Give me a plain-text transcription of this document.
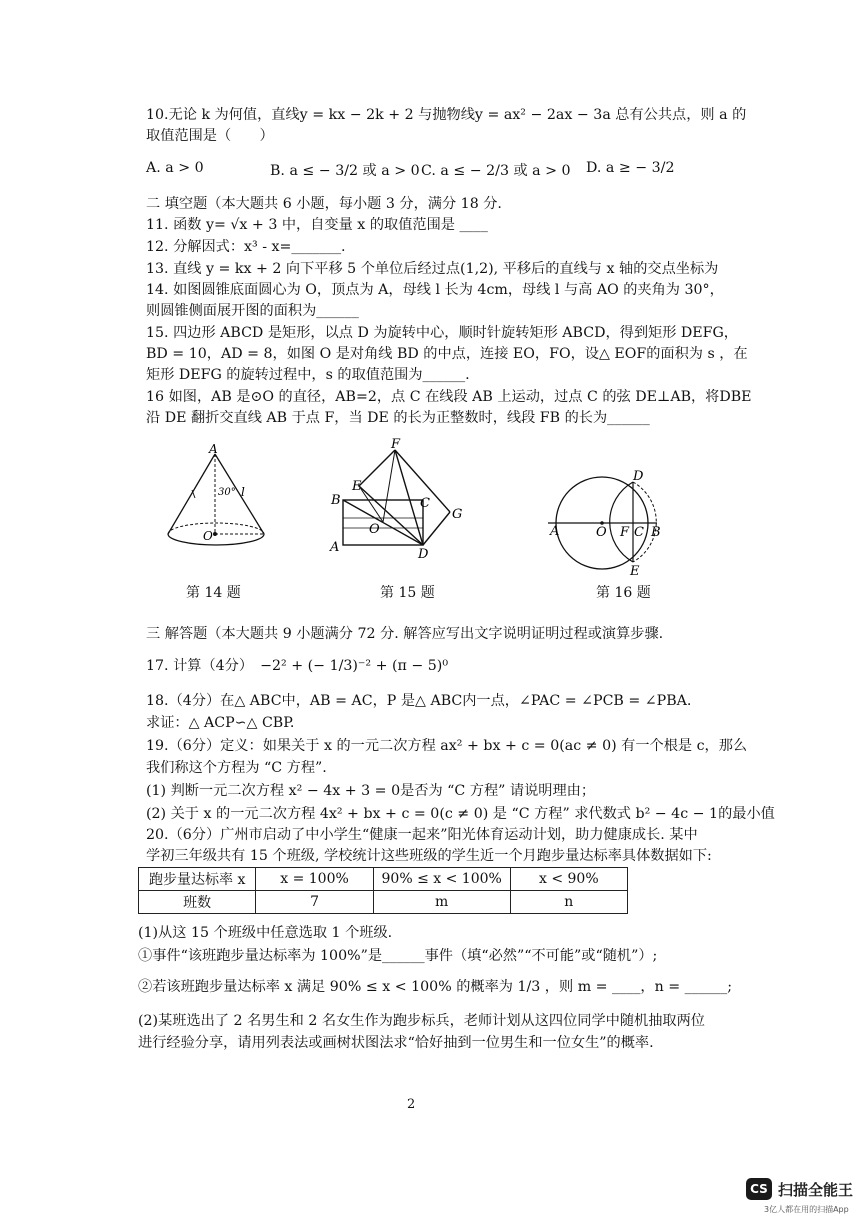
10.无论 k 为何值，直线y = kx − 2k + 2 与抛物线y = ax² − 2ax − 3a 总有公共点，则 a 的
取值范围是（　　）
A. a > 0	B. a ≤ − 3/2 或 a > 0 C. a ≤ − 2/3 或 a > 0 D. a ≥ − 3/2
二 填空题（本大题共 6 小题，每小题 3 分，满分 18 分.
11. 函数 y= √x + 3 中，自变量 x 的取值范围是 ____
12. 分解因式：x³ - x=_______.
13. 直线 y = kx + 2 向下平移 5 个单位后经过点(1,2), 平移后的直线与 x 轴的交点坐标为
14. 如图圆锥底面圆心为 O，顶点为 A，母线 l 长为 4cm，母线 l 与高 AO 的夹角为 30°，
则圆锥侧面展开图的面积为______
15. 四边形 ABCD 是矩形，以点 D 为旋转中心，顺时针旋转矩形 ABCD，得到矩形 DEFG，
BD = 10，AD = 8，如图 O 是对角线 BD 的中点，连接 EO，FO，设△ EOF的面积为 s ，在
矩形 DEFG 的旋转过程中，s 的取值范围为______.
16 如图，AB 是⊙O 的直径，AB=2，点 C 在线段 AB 上运动，过点 C 的弦 DE⊥AB，将DBE
沿 DE 翻折交直线 AB 于点 F，当 DE 的长为正整数时，线段 FB 的长为______
A
O
30° l
第 14 题
F
E
B	C
G
O
A	D
第 15 题
D
A	O F C B
E
第 16 题
三 解答题（本大题共 9 小题满分 72 分. 解答应写出文字说明证明过程或演算步骤.
17. 计算（4分）　−2² + (− 1/3)⁻² + (π − 5)⁰
18.（4分）在△ ABC中，AB = AC，P 是△ ABC内一点，∠PAC = ∠PCB = ∠PBA.
求证：△ ACP∽△ CBP.
19.（6分）定义：如果关于 x 的一元二次方程 ax² + bx + c = 0(ac ≠ 0) 有一个根是 c，那么
我们称这个方程为 “C 方程”.
(1) 判断一元二次方程 x² − 4x + 3 = 0是否为 “C 方程” 请说明理由；
(2) 关于 x 的一元二次方程 4x² + bx + c = 0(c ≠ 0) 是 “C 方程” 求代数式 b² − 4c − 1的最小值
20.（6分）广州市启动了中小学生“健康一起来”阳光体育运动计划，助力健康成长. 某中
学初三年级共有 15 个班级, 学校统计这些班级的学生近一个月跑步量达标率具体数据如下:
跑步量达标率 x	x = 100%	90% ≤ x < 100%	x < 90%
班数	7	m	n
(1)从这 15 个班级中任意选取 1 个班级.
①事件“该班跑步量达标率为 100%”是______事件（填“必然”“不可能”或“随机”）;
②若该班跑步量达标率 x 满足 90% ≤ x < 100% 的概率为 1/3 ，则 m = ____，n = ______;
(2)某班选出了 2 名男生和 2 名女生作为跑步标兵，老师计划从这四位同学中随机抽取两位
进行经验分享，请用列表法或画树状图法求“恰好抽到一位男生和一位女生”的概率.
2
CS 扫描全能王
3亿人都在用的扫描App
